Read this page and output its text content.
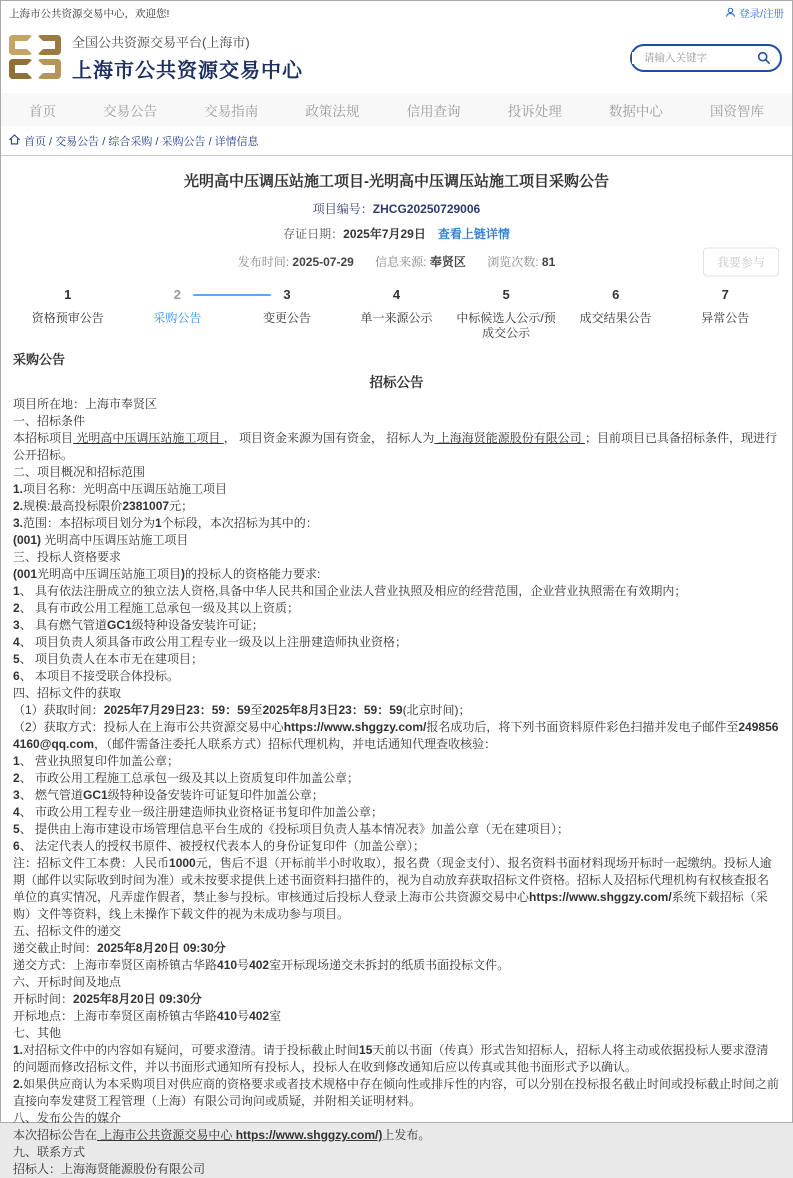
上海市公共资源交易中心，欢迎您!	登录/注册
全国公共资源交易平台(上海市)
上海市公共资源交易中心
请输入关键字
首页	交易公告	交易指南	政策法规	信用查询	投诉处理	数据中心	国资智库
首页 / 交易公告 / 综合采购 / 采购公告 / 详情信息
光明高中压调压站施工项目-光明高中压调压站施工项目采购公告
项目编号：ZHCG20250729006
存证日期：2025年7月29日 查看上链详情
发布时间: 2025-07-29 信息来源: 奉贤区 浏览次数: 81	我要参与
1
资格预审公告
2
采购公告
3
变更公告
4
单一来源公示
5
中标候选人公示/预成交公示
6
成交结果公告
7
异常公告
采购公告
招标公告
项目所在地：上海市奉贤区
一、招标条件
本招标项目 光明高中压调压站施工项目 ， 项目资金来源为国有资金， 招标人为 上海海贤能源股份有限公司 ；目前项目已具备招标条件，现进行公开招标。
二、项目概况和招标范围
1.项目名称：光明高中压调压站施工项目
2.规模:最高投标限价2381007元；
3.范围：本招标项目划分为1个标段，本次招标为其中的：
(001) 光明高中压调压站施工项目
三、投标人资格要求
(001光明高中压调压站施工项目)的投标人的资格能力要求:
1、 具有依法注册成立的独立法人资格,具备中华人民共和国企业法人营业执照及相应的经营范围，企业营业执照需在有效期内；
2、 具有市政公用工程施工总承包一级及其以上资质；
3、 具有燃气管道GC1级特种设备安装许可证；
4、 项目负责人须具备市政公用工程专业一级及以上注册建造师执业资格；
5、 项目负责人在本市无在建项目；
6、 本项目不接受联合体投标。
四、招标文件的获取
（1）获取时间：2025年7月29日23：59：59至2025年8月3日23：59：59(北京时间)；
（2）获取方式：投标人在上海市公共资源交易中心https://www.shggzy.com/报名成功后，将下列书面资料原件彩色扫描并发电子邮件至2498564160@qq.com，（邮件需备注委托人联系方式）招标代理机构，并电话通知代理查收核验：
1、 营业执照复印件加盖公章；
2、 市政公用工程施工总承包一级及其以上资质复印件加盖公章；
3、 燃气管道GC1级特种设备安装许可证复印件加盖公章；
4、 市政公用工程专业一级注册建造师执业资格证书复印件加盖公章；
5、 提供由上海市建设市场管理信息平台生成的《投标项目负责人基本情况表》加盖公章（无在建项目）；
6、 法定代表人的授权书原件、被授权代表本人的身份证复印件（加盖公章）；
注：招标文件工本费：人民币1000元，售后不退（开标前半小时收取），报名费（现金支付）、报名资料书面材料现场开标时一起缴纳。投标人逾期（邮件以实际收到时间为准）或未按要求提供上述书面资料扫描件的，视为自动放弃获取招标文件资格。招标人及招标代理机构有权核查报名单位的真实情况，凡弄虚作假者，禁止参与投标。审核通过后投标人登录上海市公共资源交易中心https://www.shggzy.com/系统下载招标（采购）文件等资料，线上未操作下载文件的视为未成功参与项目。
五、招标文件的递交
递交截止时间：2025年8月20日 09:30分
递交方式：上海市奉贤区南桥镇古华路410号402室开标现场递交未拆封的纸质书面投标文件。
六、开标时间及地点
开标时间：2025年8月20日 09:30分
开标地点：上海市奉贤区南桥镇古华路410号402室
七、其他
1.对招标文件中的内容如有疑问，可要求澄清。请于投标截止时间15天前以书面（传真）形式告知招标人，招标人将主动或依据投标人要求澄清的问题而修改招标文件，并以书面形式通知所有投标人，投标人在收到修改通知后应以传真或其他书面形式予以确认。
2.如果供应商认为本采购项目对供应商的资格要求或者技术规格中存在倾向性或排斥性的内容，可以分别在投标报名截止时间或投标截止时间之前直接向奉发建贤工程管理（上海）有限公司询问或质疑，并附相关证明材料。
八、发布公告的媒介
本次招标公告在 上海市公共资源交易中心 https://www.shggzy.com/)上发布。
九、联系方式
招标人：上海海贤能源股份有限公司
